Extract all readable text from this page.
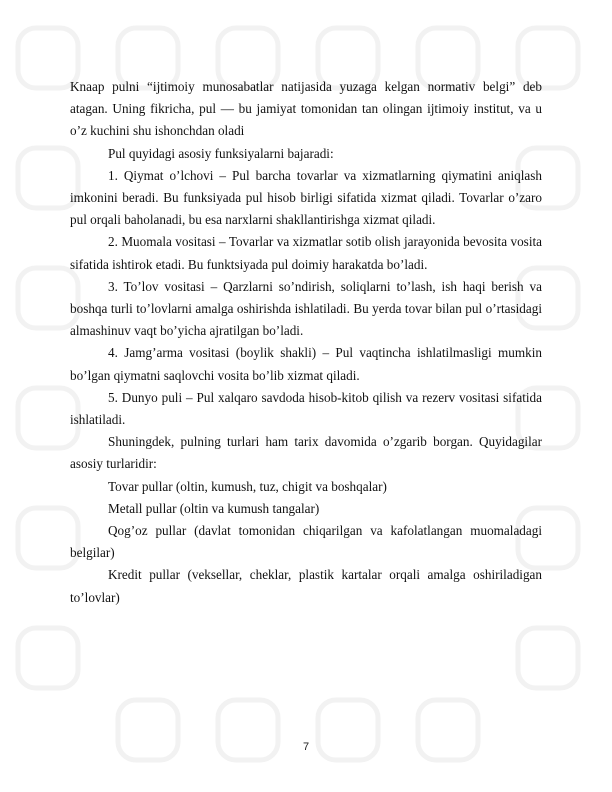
Knaap pulni “ijtimoiy munosabatlar natijasida yuzaga kelgan normativ belgi” deb atagan. Uning fikricha, pul — bu jamiyat tomonidan tan olingan ijtimoiy institut, va u o’z kuchini shu ishonchdan oladi

Pul quyidagi asosiy funksiyalarni bajaradi:

1. Qiymat o’lchovi – Pul barcha tovarlar va xizmatlarning qiymatini aniqlash imkonini beradi. Bu funksiyada pul hisob birligi sifatida xizmat qiladi. Tovarlar o’zaro pul orqali baholanadi, bu esa narxlarni shakllantirishga xizmat qiladi.

2. Muomala vositasi – Tovarlar va xizmatlar sotib olish jarayonida bevosita vosita sifatida ishtirok etadi. Bu funktsiyada pul doimiy harakatda bo’ladi.

3. To’lov vositasi – Qarzlarni so’ndirish, soliqlarni to’lash, ish haqi berish va boshqa turli to’lovlarni amalga oshirishda ishlatiladi. Bu yerda tovar bilan pul o’rtasidagi almashinuv vaqt bo’yicha ajratilgan bo’ladi.

4. Jamg’arma vositasi (boylik shakli) – Pul vaqtincha ishlatilmasligi mumkin bo’lgan qiymatni saqlovchi vosita bo’lib xizmat qiladi.

5. Dunyo puli – Pul xalqaro savdoda hisob-kitob qilish va rezerv vositasi sifatida ishlatiladi.

Shuningdek, pulning turlari ham tarix davomida o’zgarib borgan. Quyidagilar asosiy turlaridir:

Tovar pullar (oltin, kumush, tuz, chigit va boshqalar)

Metall pullar (oltin va kumush tangalar)

Qog’oz pullar (davlat tomonidan chiqarilgan va kafolatlangan muomaladagi belgilar)

Kredit pullar (veksellar, cheklar, plastik kartalar orqali amalga oshiriladigan to’lovlar)

7
